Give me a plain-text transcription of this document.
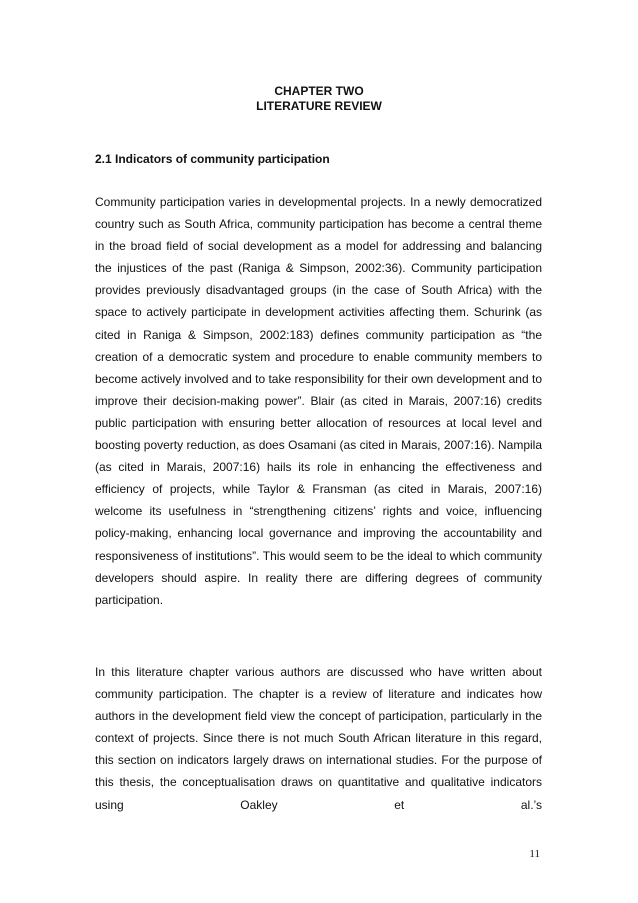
CHAPTER TWO
LITERATURE REVIEW
2.1 Indicators of community participation

Community participation varies in developmental projects. In a newly democratized country such as South Africa, community participation has become a central theme in the broad field of social development as a model for addressing and balancing the injustices of the past (Raniga & Simpson, 2002:36). Community participation provides previously disadvantaged groups (in the case of South Africa) with the space to actively participate in development activities affecting them. Schurink (as cited in Raniga & Simpson, 2002:183) defines community participation as “the creation of a democratic system and procedure to enable community members to become actively involved and to take responsibility for their own development and to improve their decision-making power”. Blair (as cited in Marais, 2007:16) credits public participation with ensuring better allocation of resources at local level and boosting poverty reduction, as does Osamani (as cited in Marais, 2007:16). Nampila (as cited in Marais, 2007:16) hails its role in enhancing the effectiveness and efficiency of projects, while Taylor & Fransman (as cited in Marais, 2007:16) welcome its usefulness in “strengthening citizens’ rights and voice, influencing policy-making, enhancing local governance and improving the accountability and responsiveness of institutions”. This would seem to be the ideal to which community developers should aspire. In reality there are differing degrees of community participation.

In this literature chapter various authors are discussed who have written about community participation. The chapter is a review of literature and indicates how authors in the development field view the concept of participation, particularly in the context of projects. Since there is not much South African literature in this regard, this section on indicators largely draws on international studies. For the purpose of this thesis, the conceptualisation draws on quantitative and qualitative indicators using Oakley et al.’s

11
